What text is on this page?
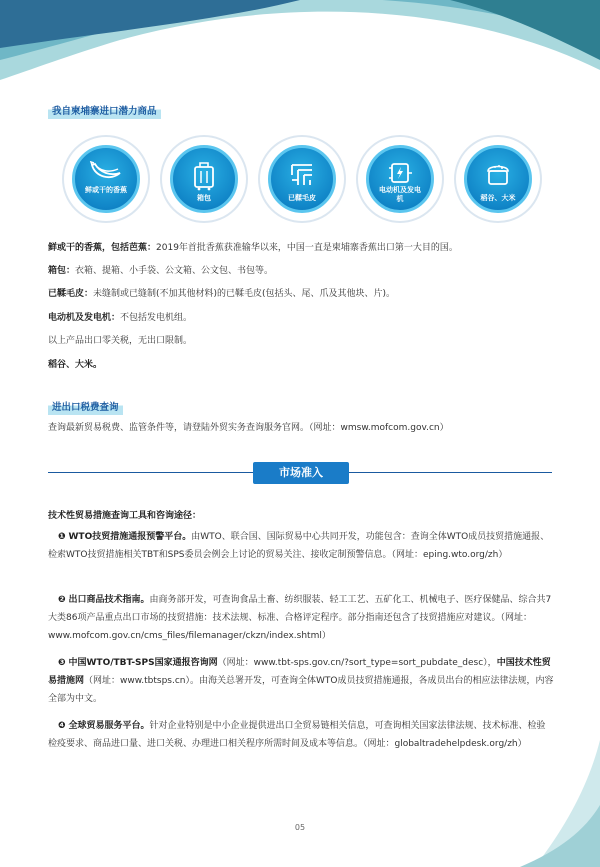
我自柬埔寨进口潜力商品
鲜或干的香蕉
箱包	已鞣毛皮
电动机及发电机	稻谷、大米
鲜或干的香蕉，包括芭蕉：2019年首批香蕉获准输华以来，中国一直是柬埔寨香蕉出口第一大目的国。
箱包：衣箱、提箱、小手袋、公文箱、公文包、书包等。
已鞣毛皮：未缝制或已缝制(不加其他材料)的已鞣毛皮(包括头、尾、爪及其他块、片)。
电动机及发电机：不包括发电机组。
以上产品出口零关税，无出口限制。
稻谷、大米。
进出口税费查询
查询最新贸易税费、监管条件等，请登陆外贸实务查询服务官网。（网址：wmsw.mofcom.gov.cn）
市场准入
技术性贸易措施查询工具和咨询途径：
❶ WTO技贸措施通报预警平台。由WTO、联合国、国际贸易中心共同开发，功能包含：查询全体WTO成员技贸措施通报、检索WTO技贸措施相关TBT和SPS委员会例会上讨论的贸易关注、接收定制预警信息。（网址：eping.wto.org/zh）
❷ 出口商品技术指南。由商务部开发，可查询食品土畜、纺织服装、轻工工艺、五矿化工、机械电子、医疗保健品、综合共7大类86项产品重点出口市场的技贸措施：技术法规、标准、合格评定程序。部分指南还包含了技贸措施应对建议。（网址：www.mofcom.gov.cn/cms_files/filemanager/ckzn/index.shtml）
❸ 中国WTO/TBT-SPS国家通报咨询网（网址：www.tbt-sps.gov.cn/?sort_type=sort_pubdate_desc），中国技术性贸易措施网（网址：www.tbtsps.cn）。由海关总署开发，可查询全体WTO成员技贸措施通报，各成员出台的相应法律法规，内容全部为中文。
❹ 全球贸易服务平台。针对企业特别是中小企业提供进出口全贸易链相关信息，可查询相关国家法律法规、技术标准、检验检疫要求、商品进口量、进口关税、办理进口相关程序所需时间及成本等信息。（网址：globaltradehelpdesk.org/zh）
05
